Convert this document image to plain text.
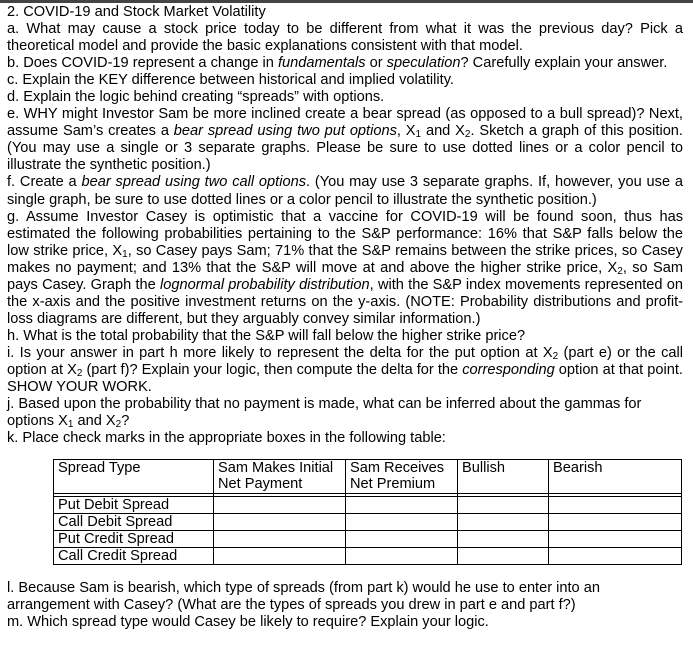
2. COVID-19 and Stock Market Volatility

a. What may cause a stock price today to be different from what it was the previous day? Pick a theoretical model and provide the basic explanations consistent with that model.

b. Does COVID-19 represent a change in fundamentals or speculation? Carefully explain your answer.

c. Explain the KEY difference between historical and implied volatility.

d. Explain the logic behind creating “spreads” with options.

e. WHY might Investor Sam be more inclined create a bear spread (as opposed to a bull spread)? Next, assume Sam’s creates a bear spread using two put options, $X_1$ and $X_2$. Sketch a graph of this position. (You may use a single or 3 separate graphs. Please be sure to use dotted lines or a color pencil to illustrate the synthetic position.)

f. Create a bear spread using two call options. (You may use 3 separate graphs. If, however, you use a single graph, be sure to use dotted lines or a color pencil to illustrate the synthetic position.)

g. Assume Investor Casey is optimistic that a vaccine for COVID-19 will be found soon, thus has estimated the following probabilities pertaining to the S&P performance: 16% that S&P falls below the low strike price, $X_1$, so Casey pays Sam; 71% that the S&P remains between the strike prices, so Casey makes no payment; and 13% that the S&P will move at and above the higher strike price, $X_2$, so Sam pays Casey. Graph the lognormal probability distribution, with the S&P index movements represented on the x-axis and the positive investment returns on the y-axis. (NOTE: Probability distributions and profit-loss diagrams are different, but they arguably convey similar information.)

h. What is the total probability that the S&P will fall below the higher strike price?

i. Is your answer in part h more likely to represent the delta for the put option at $X_2$ (part e) or the call option at $X_2$ (part f)? Explain your logic, then compute the delta for the corresponding option at that point. SHOW YOUR WORK.

j. Based upon the probability that no payment is made, what can be inferred about the gammas for options $X_1$ and $X_2$?

k. Place check marks in the appropriate boxes in the following table:

Spread Type	Sam Makes Initial Net Payment	Sam Receives Net Premium	Bullish	Bearish

Put Debit Spread				
Call Debit Spread				
Put Credit Spread				
Call Credit Spread				

l. Because Sam is bearish, which type of spreads (from part k) would he use to enter into an arrangement with Casey? (What are the types of spreads you drew in part e and part f?)

m. Which spread type would Casey be likely to require? Explain your logic.
